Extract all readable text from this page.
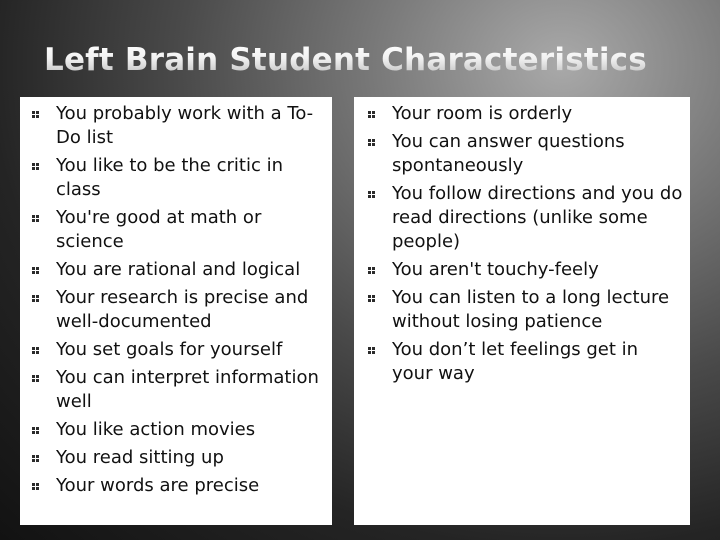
Left Brain Student Characteristics
You probably work with a To-Do list
You like to be the critic in class
You're good at math or science
You are rational and logical
Your research is precise and well-documented
You set goals for yourself
You can interpret information well
You like action movies
You read sitting up
Your words are precise
Your room is orderly
You can answer questions spontaneously
You follow directions and you do read directions (unlike some people)
You aren't touchy-feely
You can listen to a long lecture without losing patience
You don’t let feelings get in your way
